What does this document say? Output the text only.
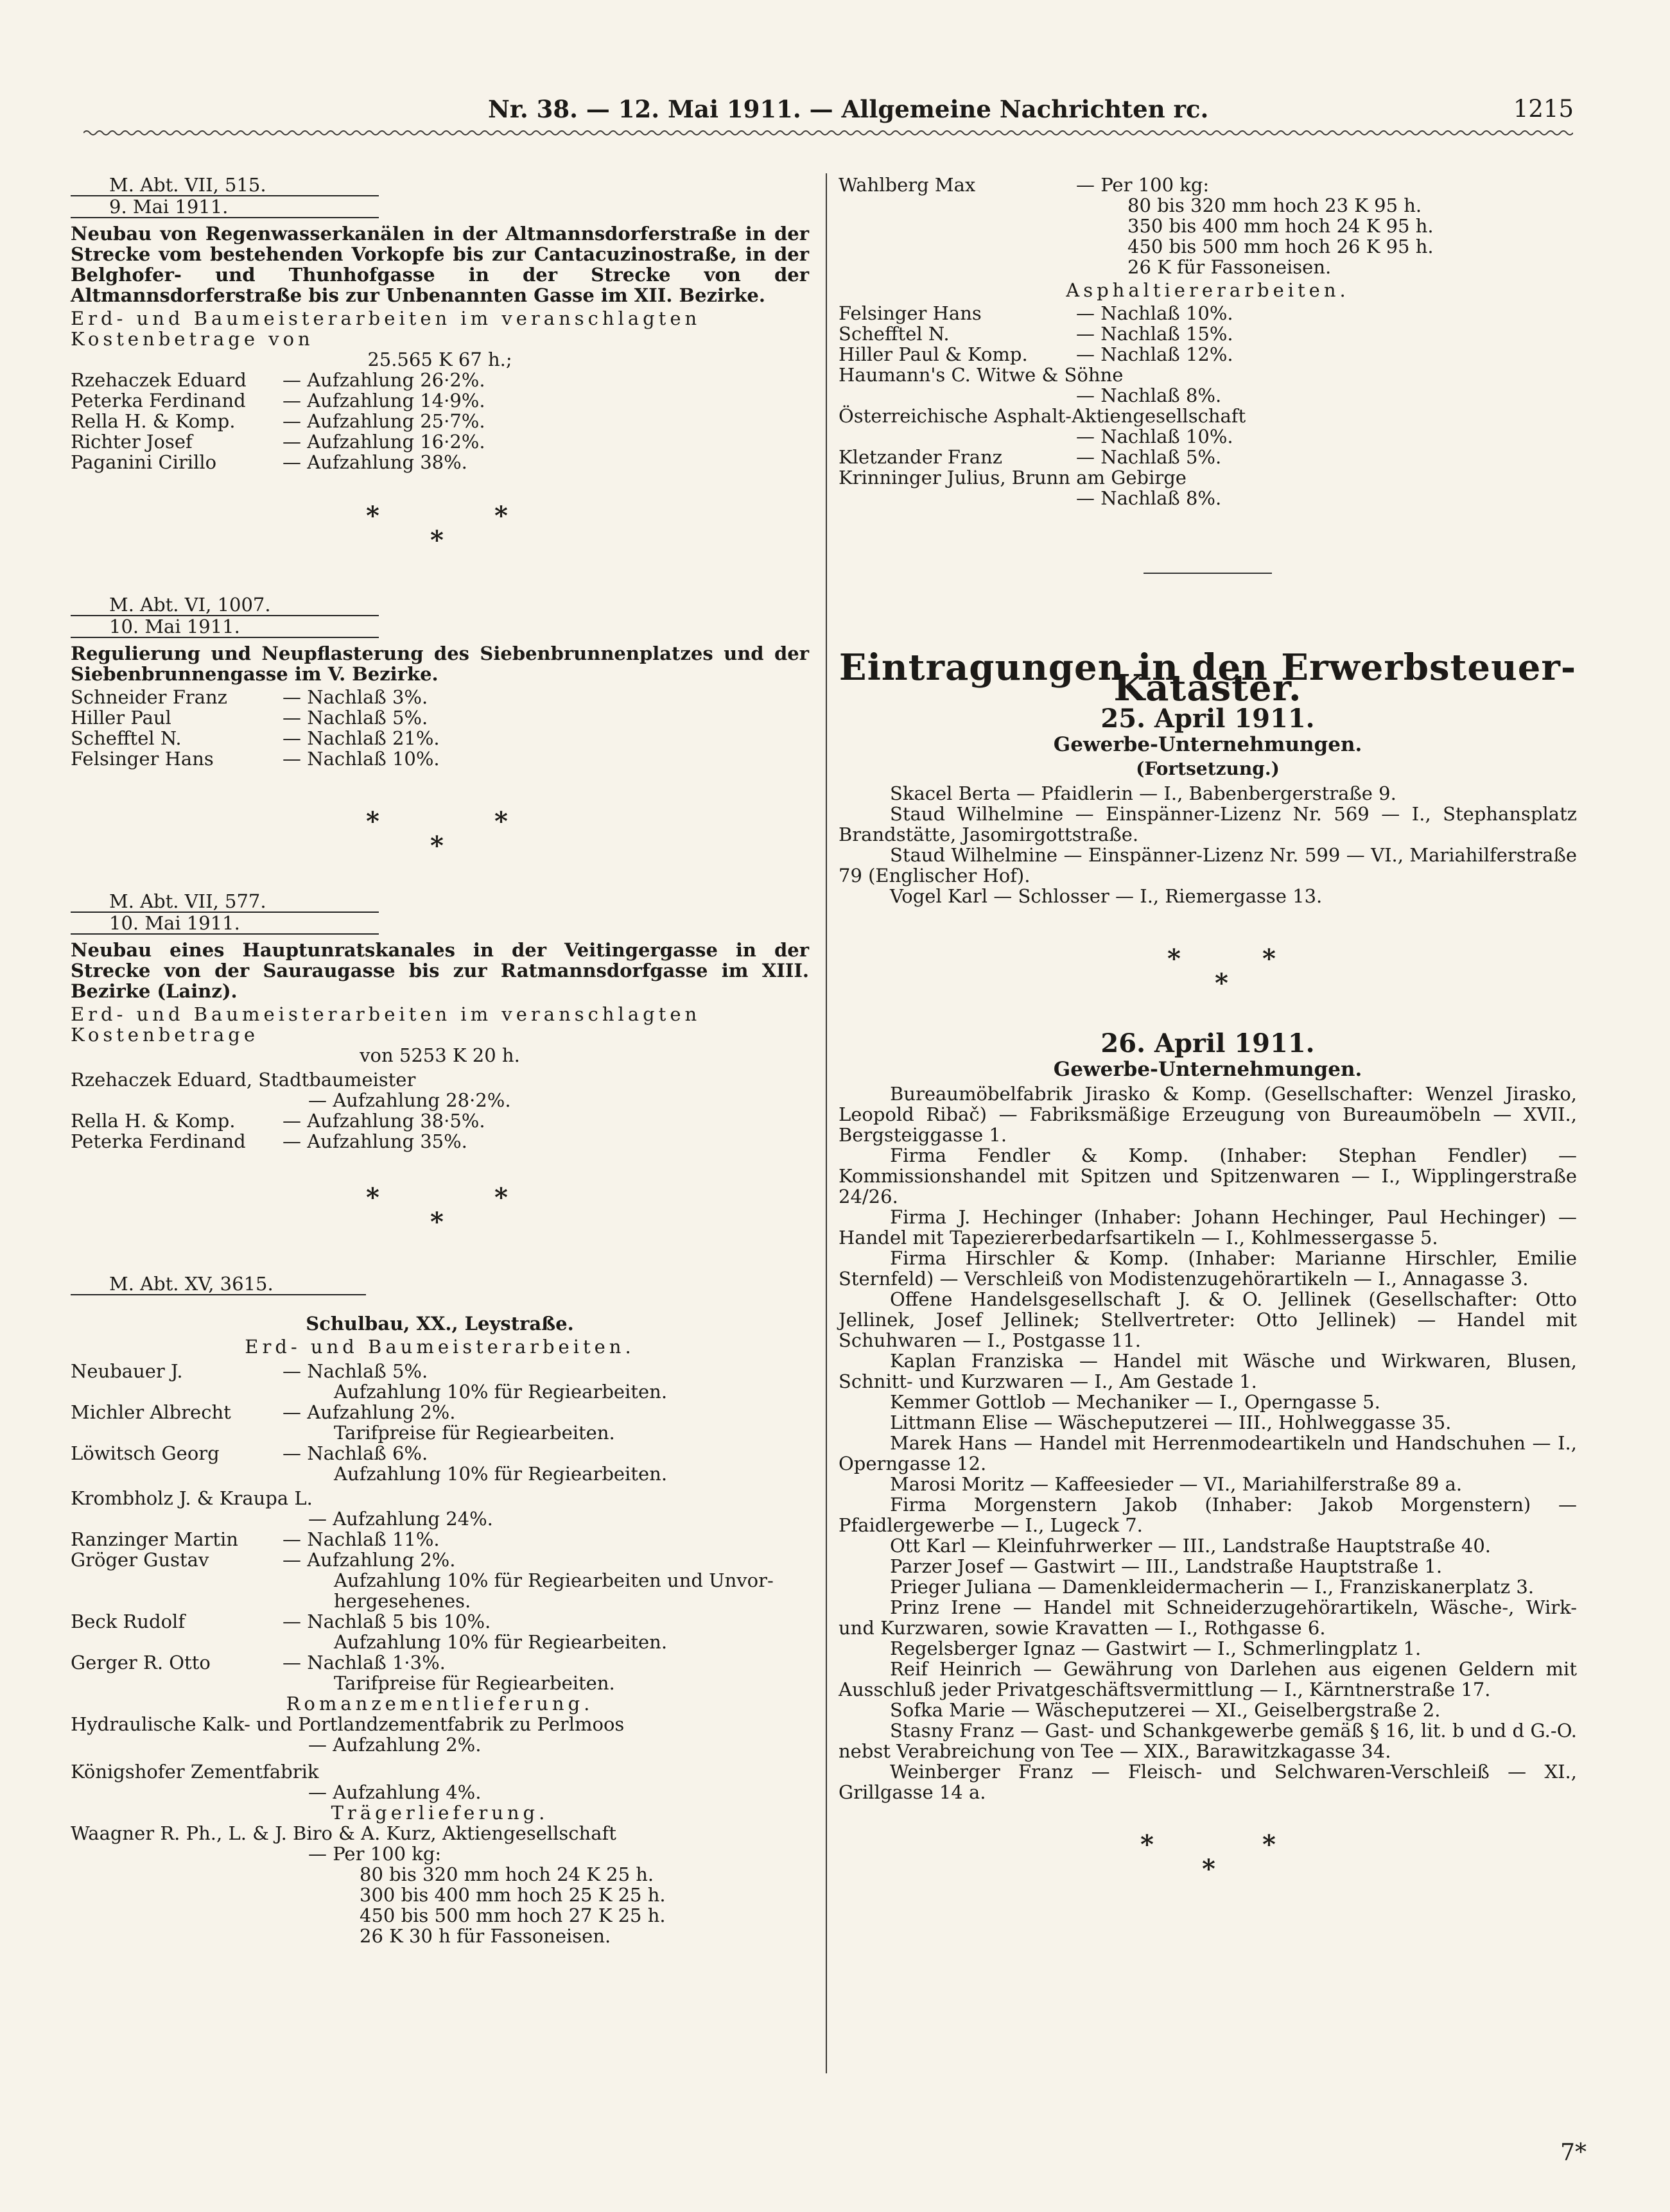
Nr. 38. — 12. Mai 1911. — Allgemeine Nachrichten rc.	1215
M. Abt. VII, 515.
9. Mai 1911.
Neubau von Regenwasserkanälen in der Altmannsdorferstraße in der Strecke vom bestehenden Vorkopfe bis zur Cantacuzinostraße, in der Belghofer- und Thunhofgasse in der Strecke von der Altmannsdorferstraße bis zur Unbenannten Gasse im XII. Bezirke.
Erd- und Baumeisterarbeiten im veranschlagten Kostenbetrage von
25.565 K 67 h.;
Rzehaczek Eduard	— Aufzahlung 26·2%.
Peterka Ferdinand	— Aufzahlung 14·9%.
Rella H. & Komp.	— Aufzahlung 25·7%.
Richter Josef	— Aufzahlung 16·2%.
Paganini Cirillo	— Aufzahlung 38%.
*	*
*
M. Abt. VI, 1007.
10. Mai 1911.
Regulierung und Neupflasterung des Siebenbrunnenplatzes und der Siebenbrunnengasse im V. Bezirke.
Schneider Franz	— Nachlaß 3%.
Hiller Paul	— Nachlaß 5%.
Schefftel N.	— Nachlaß 21%.
Felsinger Hans	— Nachlaß 10%.
*	*
*
M. Abt. VII, 577.
10. Mai 1911.
Neubau eines Hauptunratskanales in der Veitingergasse in der Strecke von der Sauraugasse bis zur Ratmannsdorfgasse im XIII. Bezirke (Lainz).
Erd- und Baumeisterarbeiten im veranschlagten Kostenbetrage
von 5253 K 20 h.
Rzehaczek Eduard, Stadtbaumeister
— Aufzahlung 28·2%.
Rella H. & Komp.	— Aufzahlung 38·5%.
Peterka Ferdinand	— Aufzahlung 35%.
*	*
*
M. Abt. XV, 3615.
Schulbau, XX., Leystraße.
Erd- und Baumeisterarbeiten.
Neubauer J.	— Nachlaß 5%.
Aufzahlung 10% für Regiearbeiten.
Michler Albrecht	— Aufzahlung 2%.
Tarifpreise für Regiearbeiten.
Löwitsch Georg	— Nachlaß 6%.
Aufzahlung 10% für Regiearbeiten.
Krombholz J. & Kraupa L.
— Aufzahlung 24%.
Ranzinger Martin	— Nachlaß 11%.
Gröger Gustav	— Aufzahlung 2%.
Aufzahlung 10% für Regiearbeiten und Unvor-
hergesehenes.
Beck Rudolf	— Nachlaß 5 bis 10%.
Aufzahlung 10% für Regiearbeiten.
Gerger R. Otto	— Nachlaß 1·3%.
Tarifpreise für Regiearbeiten.
Romanzementlieferung.
Hydraulische Kalk- und Portlandzementfabrik zu Perlmoos
— Aufzahlung 2%.
Königshofer Zementfabrik
— Aufzahlung 4%.
Trägerlieferung.
Waagner R. Ph., L. & J. Biro & A. Kurz, Aktiengesellschaft
— Per 100 kg:
80 bis 320 mm hoch 24 K 25 h.
300 bis 400 mm hoch 25 K 25 h.
450 bis 500 mm hoch 27 K 25 h.
26 K 30 h für Fassoneisen.
Wahlberg Max	— Per 100 kg:
80 bis 320 mm hoch 23 K 95 h.
350 bis 400 mm hoch 24 K 95 h.
450 bis 500 mm hoch 26 K 95 h.
26 K für Fassoneisen.
Asphaltiererarbeiten.
Felsinger Hans	— Nachlaß 10%.
Schefftel N.	— Nachlaß 15%.
Hiller Paul & Komp.	— Nachlaß 12%.
Haumann's C. Witwe & Söhne
— Nachlaß 8%.
Österreichische Asphalt-Aktiengesellschaft
— Nachlaß 10%.
Kletzander Franz	— Nachlaß 5%.
Krinninger Julius, Brunn am Gebirge
— Nachlaß 8%.
Eintragungen in den Erwerbsteuer-Kataster.
25. April 1911.
Gewerbe-Unternehmungen.
(Fortsetzung.)
Skacel Berta — Pfaidlerin — I., Babenbergerstraße 9.
Staud Wilhelmine — Einspänner-Lizenz Nr. 569 — I., Stephansplatz Brandstätte, Jasomirgottstraße.
Staud Wilhelmine — Einspänner-Lizenz Nr. 599 — VI., Mariahilferstraße 79 (Englischer Hof).
Vogel Karl — Schlosser — I., Riemergasse 13.
*	*
*
26. April 1911.
Gewerbe-Unternehmungen.
Bureaumöbelfabrik Jirasko & Komp. (Gesellschafter: Wenzel Jirasko, Leopold Ribač) — Fabriksmäßige Erzeugung von Bureaumöbeln — XVII., Bergsteiggasse 1.
Firma Fendler & Komp. (Inhaber: Stephan Fendler) — Kommissionshandel mit Spitzen und Spitzenwaren — I., Wipplingerstraße 24/26.
Firma J. Hechinger (Inhaber: Johann Hechinger, Paul Hechinger) — Handel mit Tapeziererbedarfsartikeln — I., Kohlmessergasse 5.
Firma Hirschler & Komp. (Inhaber: Marianne Hirschler, Emilie Sternfeld) — Verschleiß von Modistenzugehörartikeln — I., Annagasse 3.
Offene Handelsgesellschaft J. & O. Jellinek (Gesellschafter: Otto Jellinek, Josef Jellinek; Stellvertreter: Otto Jellinek) — Handel mit Schuhwaren — I., Postgasse 11.
Kaplan Franziska — Handel mit Wäsche und Wirkwaren, Blusen, Schnitt- und Kurzwaren — I., Am Gestade 1.
Kemmer Gottlob — Mechaniker — I., Operngasse 5.
Littmann Elise — Wäscheputzerei — III., Hohlweggasse 35.
Marek Hans — Handel mit Herrenmodeartikeln und Handschuhen — I., Operngasse 12.
Marosi Moritz — Kaffeesieder — VI., Mariahilferstraße 89 a.
Firma Morgenstern Jakob (Inhaber: Jakob Morgenstern) — Pfaidlergewerbe — I., Lugeck 7.
Ott Karl — Kleinfuhrwerker — III., Landstraße Hauptstraße 40.
Parzer Josef — Gastwirt — III., Landstraße Hauptstraße 1.
Prieger Juliana — Damenkleidermacherin — I., Franziskanerplatz 3.
Prinz Irene — Handel mit Schneiderzugehörartikeln, Wäsche-, Wirk- und Kurzwaren, sowie Kravatten — I., Rothgasse 6.
Regelsberger Ignaz — Gastwirt — I., Schmerlingplatz 1.
Reif Heinrich — Gewährung von Darlehen aus eigenen Geldern mit Ausschluß jeder Privatgeschäftsvermittlung — I., Kärntnerstraße 17.
Sofka Marie — Wäscheputzerei — XI., Geiselbergstraße 2.
Stasny Franz — Gast- und Schankgewerbe gemäß § 16, lit. b und d G.-O. nebst Verabreichung von Tee — XIX., Barawitzkagasse 34.
Weinberger Franz — Fleisch- und Selchwaren-Verschleiß — XI., Grillgasse 14 a.
*	*
*
7*
